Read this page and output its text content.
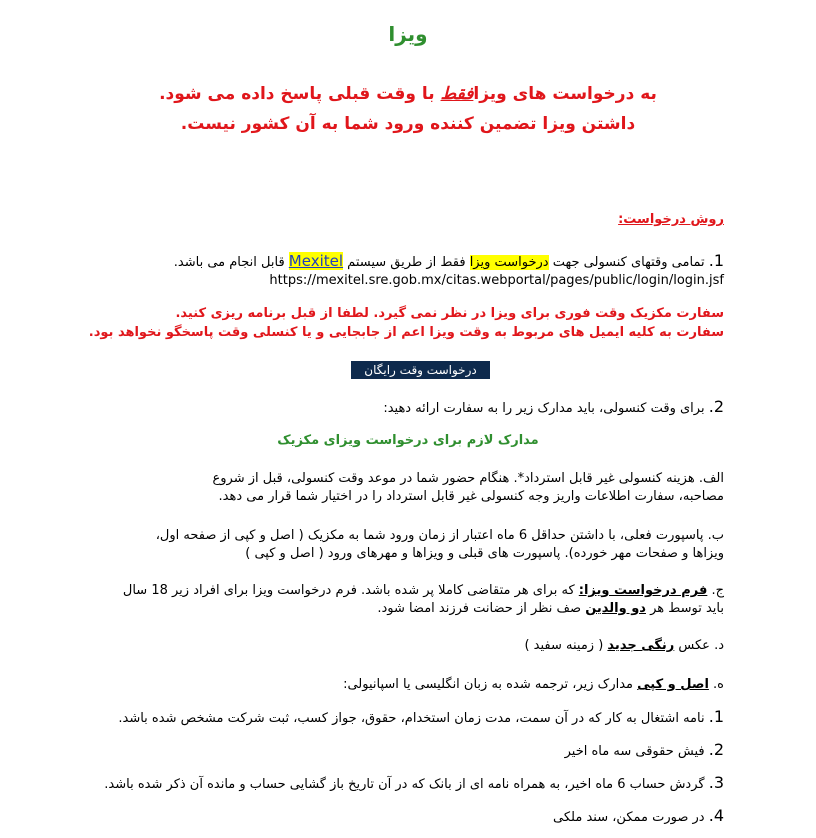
ویزا
به درخواست های ویزافقط با وقت قبلی پاسخ داده می شود.
داشتن ویزا تضمین کننده ورود شما به آن کشور نیست.
روش درخواست:
1. تمامی وقتهای کنسولی جهت درخواست ویزا فقط از طریق سیستم Mexitel قابل انجام می باشد.
https://mexitel.sre.gob.mx/citas.webportal/pages/public/login/login.jsf
سفارت مکزیک وقت فوری برای ویزا در نظر نمی گیرد. لطفا از قبل برنامه ریزی کنید.
سفارت به کلیه ایمیل های مربوط به وقت ویزا اعم از جابجایی و یا کنسلی وقت پاسخگو نخواهد بود.
درخواست وقت رایگان است
2. برای وقت کنسولی، باید مدارک زیر را به سفارت ارائه دهید:
مدارک لازم برای درخواست ویزای مکزیک
الف. هزینه کنسولی غیر قابل استرداد*. هنگام حضور شما در موعد وقت کنسولی، قبل از شروع
مصاحبه، سفارت اطلاعات واریز وجه کنسولی غیر قابل استرداد را در اختیار شما قرار می دهد.
ب. پاسپورت فعلی، با داشتن حداقل 6 ماه اعتبار از زمان ورود شما به مکزیک ( اصل و کپی از صفحه اول،
ویزاها و صفحات مهر خورده). پاسپورت های قبلی و ویزاها و مهرهای ورود ( اصل و کپی )
ج. فرم درخواست ویزا: که برای هر متقاضی کاملا پر شده باشد. فرم درخواست ویزا برای افراد زیر 18 سال
باید توسط هر دو والدین صف نظر از حضانت فرزند امضا شود.
د. عکس رنگی جدید ( زمینه سفید )
ه. اصل و کپی مدارک زیر، ترجمه شده به زبان انگلیسی یا اسپانیولی:
1. نامه اشتغال به کار که در آن سمت، مدت زمان استخدام، حقوق، جواز کسب، ثبت شرکت مشخص شده باشد.
2. فیش حقوقی سه ماه اخیر
3. گردش حساب 6 ماه اخیر، به همراه نامه ای از بانک که در آن تاریخ باز گشایی حساب و مانده آن ذکر شده باشد.
4. در صورت ممکن، سند ملکی
